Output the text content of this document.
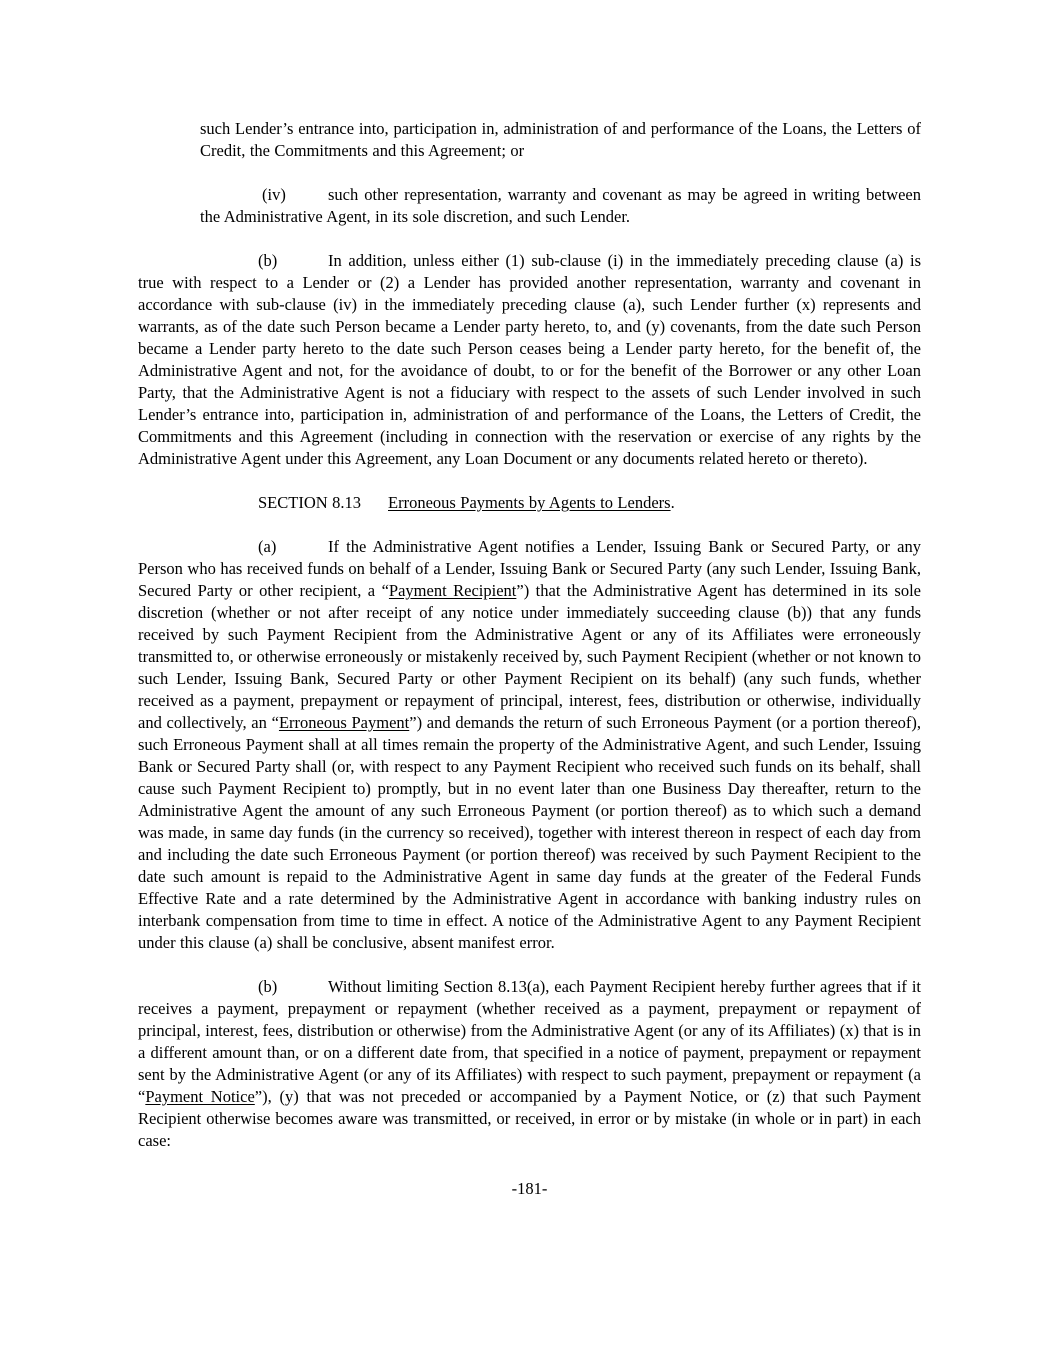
such Lender’s entrance into, participation in, administration of and performance of the Loans, the Letters of Credit, the Commitments and this Agreement; or

(iv)	such other representation, warranty and covenant as may be agreed in writing between the Administrative Agent, in its sole discretion, and such Lender.

(b)	In addition, unless either (1) sub-clause (i) in the immediately preceding clause (a) is true with respect to a Lender or (2) a Lender has provided another representation, warranty and covenant in accordance with sub-clause (iv) in the immediately preceding clause (a), such Lender further (x) represents and warrants, as of the date such Person became a Lender party hereto, to, and (y) covenants, from the date such Person became a Lender party hereto to the date such Person ceases being a Lender party hereto, for the benefit of, the Administrative Agent and not, for the avoidance of doubt, to or for the benefit of the Borrower or any other Loan Party, that the Administrative Agent is not a fiduciary with respect to the assets of such Lender involved in such Lender’s entrance into, participation in, administration of and performance of the Loans, the Letters of Credit, the Commitments and this Agreement (including in connection with the reservation or exercise of any rights by the Administrative Agent under this Agreement, any Loan Document or any documents related hereto or thereto).

SECTION 8.13 Erroneous Payments by Agents to Lenders.

(a)	If the Administrative Agent notifies a Lender, Issuing Bank or Secured Party, or any Person who has received funds on behalf of a Lender, Issuing Bank or Secured Party (any such Lender, Issuing Bank, Secured Party or other recipient, a “Payment Recipient”) that the Administrative Agent has determined in its sole discretion (whether or not after receipt of any notice under immediately succeeding clause (b)) that any funds received by such Payment Recipient from the Administrative Agent or any of its Affiliates were erroneously transmitted to, or otherwise erroneously or mistakenly received by, such Payment Recipient (whether or not known to such Lender, Issuing Bank, Secured Party or other Payment Recipient on its behalf) (any such funds, whether received as a payment, prepayment or repayment of principal, interest, fees, distribution or otherwise, individually and collectively, an “Erroneous Payment”) and demands the return of such Erroneous Payment (or a portion thereof), such Erroneous Payment shall at all times remain the property of the Administrative Agent, and such Lender, Issuing Bank or Secured Party shall (or, with respect to any Payment Recipient who received such funds on its behalf, shall cause such Payment Recipient to) promptly, but in no event later than one Business Day thereafter, return to the Administrative Agent the amount of any such Erroneous Payment (or portion thereof) as to which such a demand was made, in same day funds (in the currency so received), together with interest thereon in respect of each day from and including the date such Erroneous Payment (or portion thereof) was received by such Payment Recipient to the date such amount is repaid to the Administrative Agent in same day funds at the greater of the Federal Funds Effective Rate and a rate determined by the Administrative Agent in accordance with banking industry rules on interbank compensation from time to time in effect. A notice of the Administrative Agent to any Payment Recipient under this clause (a) shall be conclusive, absent manifest error.

(b)	Without limiting Section 8.13(a), each Payment Recipient hereby further agrees that if it receives a payment, prepayment or repayment (whether received as a payment, prepayment or repayment of principal, interest, fees, distribution or otherwise) from the Administrative Agent (or any of its Affiliates) (x) that is in a different amount than, or on a different date from, that specified in a notice of payment, prepayment or repayment sent by the Administrative Agent (or any of its Affiliates) with respect to such payment, prepayment or repayment (a “Payment Notice”), (y) that was not preceded or accompanied by a Payment Notice, or (z) that such Payment Recipient otherwise becomes aware was transmitted, or received, in error or by mistake (in whole or in part) in each case:

-181-
